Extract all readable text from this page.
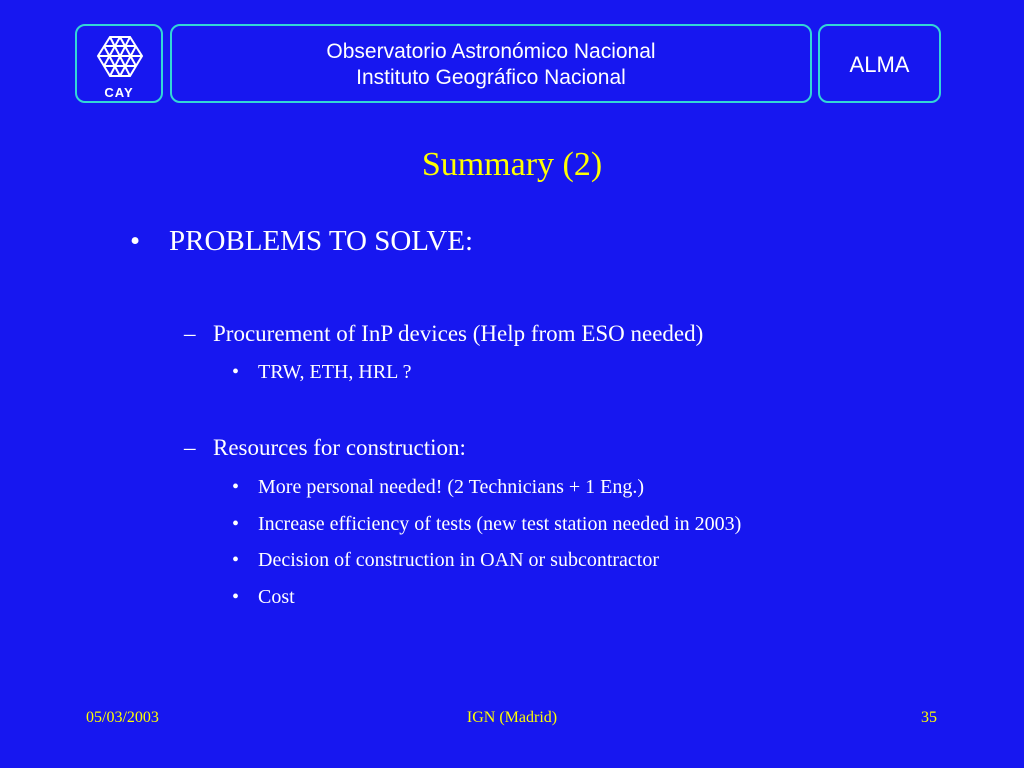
CAY
Observatorio Astronómico Nacional
Instituto Geográfico Nacional
ALMA
Summary (2)
• PROBLEMS TO SOLVE:
– Procurement of InP devices (Help from ESO needed)
• TRW, ETH, HRL ?
– Resources for construction:
• More personal needed! (2 Technicians + 1 Eng.)
• Increase efficiency of tests (new test station needed in 2003)
• Decision of construction in OAN or subcontractor
• Cost
05/03/2003	IGN (Madrid)	35
